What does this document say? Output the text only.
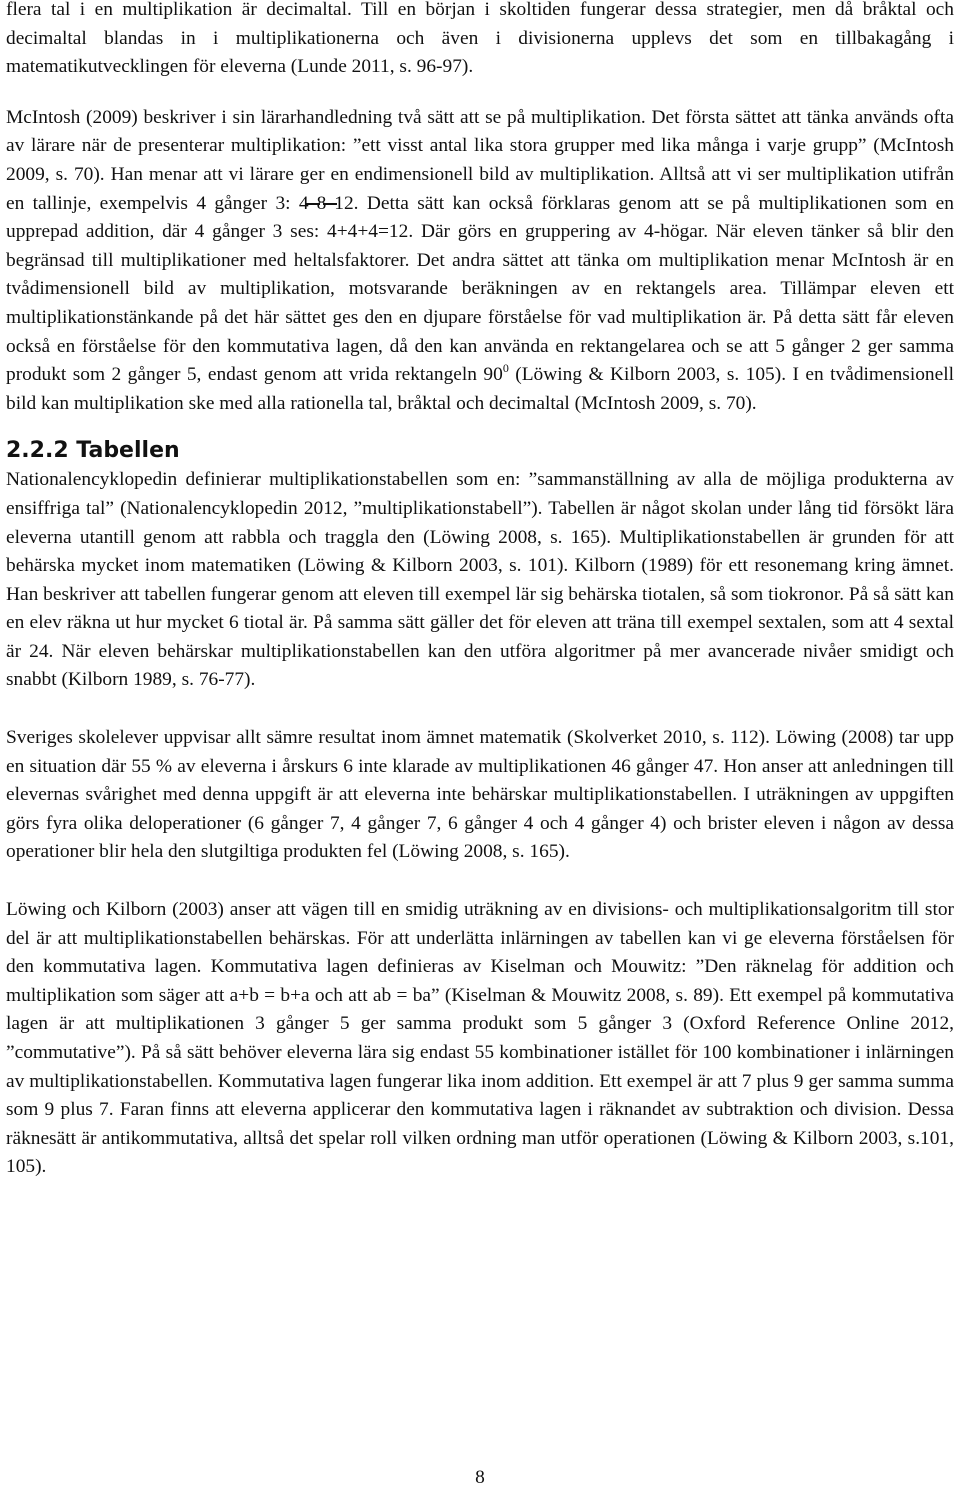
flera tal i en multiplikation är decimaltal. Till en början i skoltiden fungerar dessa strategier, men då bråktal och decimaltal blandas in i multiplikationerna och även i divisionerna upplevs det som en tillbakagång i matematikutvecklingen för eleverna (Lunde 2011, s. 96-97).

McIntosh (2009) beskriver i sin lärarhandledning två sätt att se på multiplikation. Det första sättet att tänka används ofta av lärare när de presenterar multiplikation: ”ett visst antal lika stora grupper med lika många i varje grupp” (McIntosh 2009, s. 70). Han menar att vi lärare ger en endimensionell bild av multiplikation. Alltså att vi ser multiplikation utifrån en tallinje, exempelvis 4 gånger 3: 4 8 12. Detta sätt kan också förklaras genom att se på multiplikationen som en upprepad addition, där 4 gånger 3 ses: 4+4+4=12. Där görs en gruppering av 4-högar. När eleven tänker så blir den begränsad till multiplikationer med heltalsfaktorer. Det andra sättet att tänka om multiplikation menar McIntosh är en tvådimensionell bild av multiplikation, motsvarande beräkningen av en rektangels area. Tillämpar eleven ett multiplikationstänkande på det här sättet ges den en djupare förståelse för vad multiplikation är. På detta sätt får eleven också en förståelse för den kommutativa lagen, då den kan använda en rektangelarea och se att 5 gånger 2 ger samma produkt som 2 gånger 5, endast genom att vrida rektangeln $90^0$ (Löwing & Kilborn 2003, s. 105). I en tvådimensionell bild kan multiplikation ske med alla rationella tal, bråktal och decimaltal (McIntosh 2009, s. 70).

2.2.2 Tabellen

Nationalencyklopedin definierar multiplikationstabellen som en: ”sammanställning av alla de möjliga produkterna av ensiffriga tal” (Nationalencyklopedin 2012, ”multiplikationstabell”). Tabellen är något skolan under lång tid försökt lära eleverna utantill genom att rabbla och traggla den (Löwing 2008, s. 165). Multiplikationstabellen är grunden för att behärska mycket inom matematiken (Löwing & Kilborn 2003, s. 101). Kilborn (1989) för ett resonemang kring ämnet. Han beskriver att tabellen fungerar genom att eleven till exempel lär sig behärska tiotalen, så som tiokronor. På så sätt kan en elev räkna ut hur mycket 6 tiotal är. På samma sätt gäller det för eleven att träna till exempel sextalen, som att 4 sextal är 24. När eleven behärskar multiplikationstabellen kan den utföra algoritmer på mer avancerade nivåer smidigt och snabbt (Kilborn 1989, s. 76-77).

Sveriges skolelever uppvisar allt sämre resultat inom ämnet matematik (Skolverket 2010, s. 112). Löwing (2008) tar upp en situation där 55 % av eleverna i årskurs 6 inte klarade av multiplikationen 46 gånger 47. Hon anser att anledningen till elevernas svårighet med denna uppgift är att eleverna inte behärskar multiplikationstabellen. I uträkningen av uppgiften görs fyra olika deloperationer (6 gånger 7, 4 gånger 7, 6 gånger 4 och 4 gånger 4) och brister eleven i någon av dessa operationer blir hela den slutgiltiga produkten fel (Löwing 2008, s. 165).

Löwing och Kilborn (2003) anser att vägen till en smidig uträkning av en divisions- och multiplikationsalgoritm till stor del är att multiplikationstabellen behärskas. För att underlätta inlärningen av tabellen kan vi ge eleverna förståelsen för den kommutativa lagen. Kommutativa lagen definieras av Kiselman och Mouwitz: ”Den räknelag för addition och multiplikation som säger att a+b = b+a och att ab = ba” (Kiselman & Mouwitz 2008, s. 89). Ett exempel på kommutativa lagen är att multiplikationen 3 gånger 5 ger samma produkt som 5 gånger 3 (Oxford Reference Online 2012, ”commutative”). På så sätt behöver eleverna lära sig endast 55 kombinationer istället för 100 kombinationer i inlärningen av multiplikationstabellen. Kommutativa lagen fungerar lika inom addition. Ett exempel är att 7 plus 9 ger samma summa som 9 plus 7. Faran finns att eleverna applicerar den kommutativa lagen i räknandet av subtraktion och division. Dessa räknesätt är antikommutativa, alltså det spelar roll vilken ordning man utför operationen (Löwing & Kilborn 2003, s.101, 105).

8
